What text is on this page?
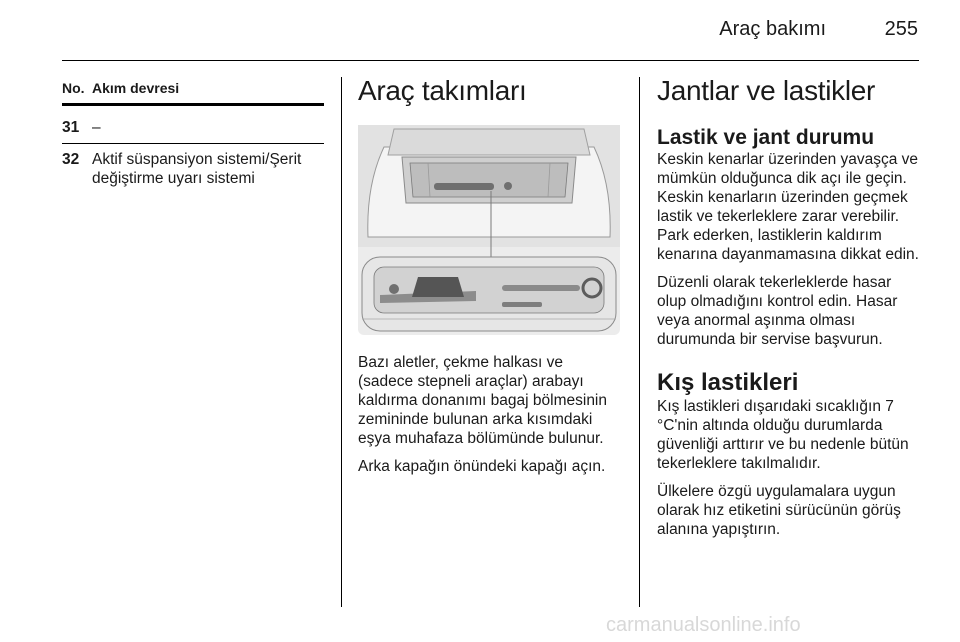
Araç bakımı	255
No. Akım devresi
31 –
32 Aktif süspansiyon sistemi/Şerit değiştirme uyarı sistemi
Araç takımları

Bazı aletler, çekme halkası ve (sadece stepneli araçlar) arabayı kaldırma donanımı bagaj bölmesinin zemininde bulunan arka kısımdaki eşya muhafaza bölümünde bulunur.

Arka kapağın önündeki kapağı açın.

Jantlar ve lastikler
Lastik ve jant durumu

Keskin kenarlar üzerinden yavaşça ve mümkün olduğunca dik açı ile geçin. Keskin kenarların üzerinden geçmek lastik ve tekerleklere zarar verebilir. Park ederken, lastiklerin kaldırım kenarına dayanmamasına dikkat edin.

Düzenli olarak tekerleklerde hasar olup olmadığını kontrol edin. Hasar veya anormal aşınma olması durumunda bir servise başvurun.

Kış lastikleri

Kış lastikleri dışarıdaki sıcaklığın 7 °C'nin altında olduğu durumlarda güvenliği arttırır ve bu nedenle bütün tekerleklere takılmalıdır.

Ülkelere özgü uygulamalara uygun olarak hız etiketini sürücünün görüş alanına yapıştırın.

carmanualsonline.info
